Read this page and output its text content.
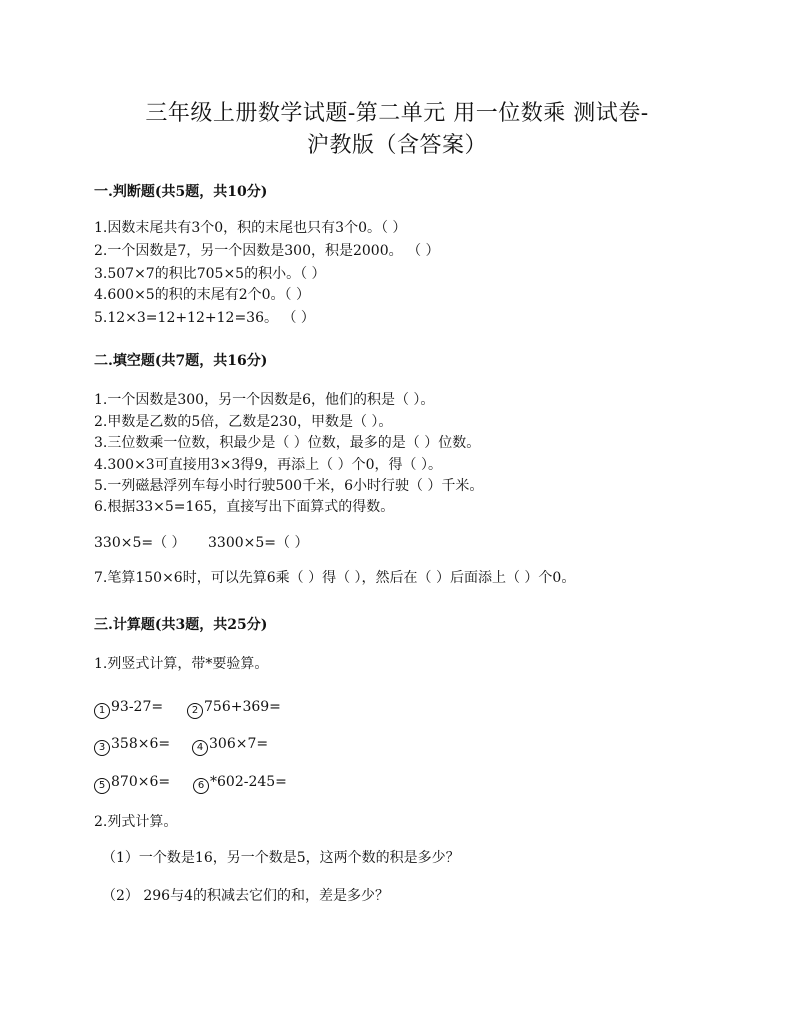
三年级上册数学试题-第二单元 用一位数乘 测试卷-
沪教版（含答案）
一.判断题(共5题，共10分)
1.因数末尾共有3个0，积的末尾也只有3个0。（ ）
2.一个因数是7，另一个因数是300，积是2000。 （ ）
3.507×7的积比705×5的积小。（ ）
4.600×5的积的末尾有2个0。（ ）
5.12×3=12+12+12=36。 （ ）
二.填空题(共7题，共16分)
1.一个因数是300，另一个因数是6，他们的积是（ ）。
2.甲数是乙数的5倍，乙数是230，甲数是（ ）。
3.三位数乘一位数，积最少是（ ）位数，最多的是（ ）位数。
4.300×3可直接用3×3得9，再添上（ ）个0，得（ ）。
5.一列磁悬浮列车每小时行驶500千米，6小时行驶（ ）千米。
6.根据33×5=165，直接写出下面算式的得数。
330×5=（ ） 3300×5=（ ）
7.笔算150×6时，可以先算6乘（ ）得（ ），然后在（ ）后面添上（ ）个0。
三.计算题(共3题，共25分)
1.列竖式计算，带*要验算。
1 93-27=	2 756+369=
3 358×6=	4 306×7=
5 870×6=	6 *602-245=
2.列式计算。
（1）一个数是16，另一个数是5，这两个数的积是多少？
（2） 296与4的积减去它们的和，差是多少？
